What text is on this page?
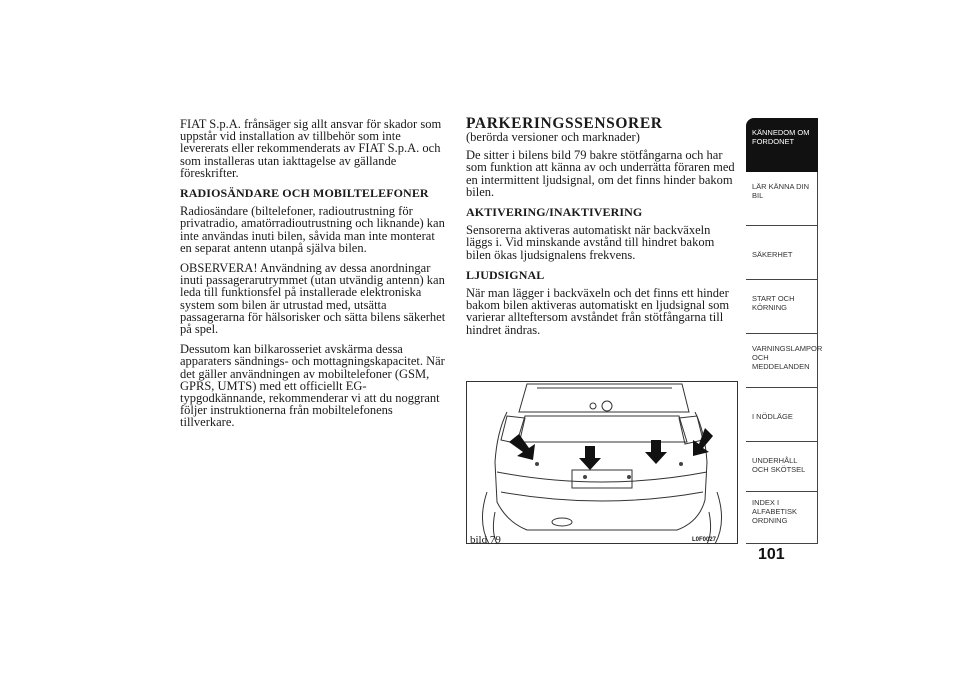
FIAT S.p.A. frånsäger sig allt ansvar för skador som uppstår vid installation av tillbehör som inte levererats eller rekommenderats av FIAT S.p.A. och som installeras utan iakttagelse av gällande föreskrifter.

RADIOSÄNDARE OCH MOBILTELEFONER

Radiosändare (biltelefoner, radioutrustning för privatradio, amatörradioutrustning och liknande) kan inte användas inuti bilen, såvida man inte monterat en separat antenn utanpå själva bilen.

OBSERVERA! Användning av dessa anordningar inuti passagerarutrymmet (utan utvändig antenn) kan leda till funktionsfel på installerade elektroniska system som bilen är utrustad med, utsätta passagerarna för hälsorisker och sätta bilens säkerhet på spel.

Dessutom kan bilkarosseriet avskärma dessa apparaters sändnings- och mottagningskapacitet. När det gäller användningen av mobiltelefoner (GSM, GPRS, UMTS) med ett officiellt EG-typgodkännande, rekommenderar vi att du noggrant följer instruktionerna från mobiltelefonens tillverkare.

PARKERINGSSENSORER

(berörda versioner och marknader)

De sitter i bilens bild 79 bakre stötfångarna och har som funktion att känna av och underrätta föraren med en intermittent ljudsignal, om det finns hinder bakom bilen.

AKTIVERING/INAKTIVERING

Sensorerna aktiveras automatiskt när backväxeln läggs i. Vid minskande avstånd till hindret bakom bilen ökas ljudsignalens frekvens.

LJUDSIGNAL

När man lägger i backväxeln och det finns ett hinder bakom bilen aktiveras automatiskt en ljudsignal som varierar allteftersom avståndet från stötfångarna till hindret ändras.

bild 79	L0F0027
KÄNNEDOM OM FORDONET
LÄR KÄNNA DIN BIL
SÄKERHET
START OCH KÖRNING
VARNINGSLAMPOR OCH MEDDELANDEN
I NÖDLÄGE
UNDERHÅLL OCH SKÖTSEL
INDEX I ALFABETISK ORDNING
101
